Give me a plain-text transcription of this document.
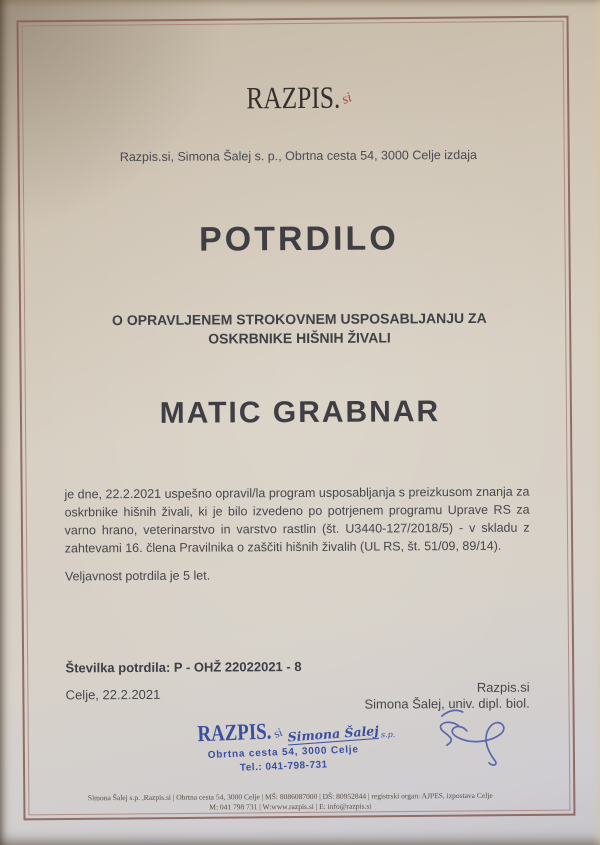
RAZPIS.si
Razpis.si, Simona Šalej s. p., Obrtna cesta 54, 3000 Celje izdaja
POTRDILO
O OPRAVLJENEM STROKOVNEM USPOSABLJANJU ZA
OSKRBNIKE HIŠNIH ŽIVALI
MATIC GRABNAR
je dne, 22.2.2021 uspešno opravil/la program usposabljanja s preizkusom znanja za oskrbnike hišnih živali, ki je bilo izvedeno po potrjenem programu Uprave RS za varno hrano, veterinarstvo in varstvo rastlin (št. U3440-127/2018/5) - v skladu z zahtevami 16. člena Pravilnika o zaščiti hišnih živalih (UL RS, št. 51/09, 89/14).
Veljavnost potrdila je 5 let.
Številka potrdila: P - OHŽ 22022021 - 8
Celje, 22.2.2021	Razpis.si
Simona Šalej, univ. dipl. biol.
RAZPIS.si Simona Šalej s.p.
Obrtna cesta 54, 3000 Celje
Tel.: 041-798-731
Simona Šalej s.p. ,Razpis.si | Obrtna cesta 54, 3000 Celje | MŠ: 8086087000 | DŠ: 80952844 | registrski organ: AJPES, izpostava Celje
M: 041 798 731 | W:www.razpis.si | E: info@razpis.si
